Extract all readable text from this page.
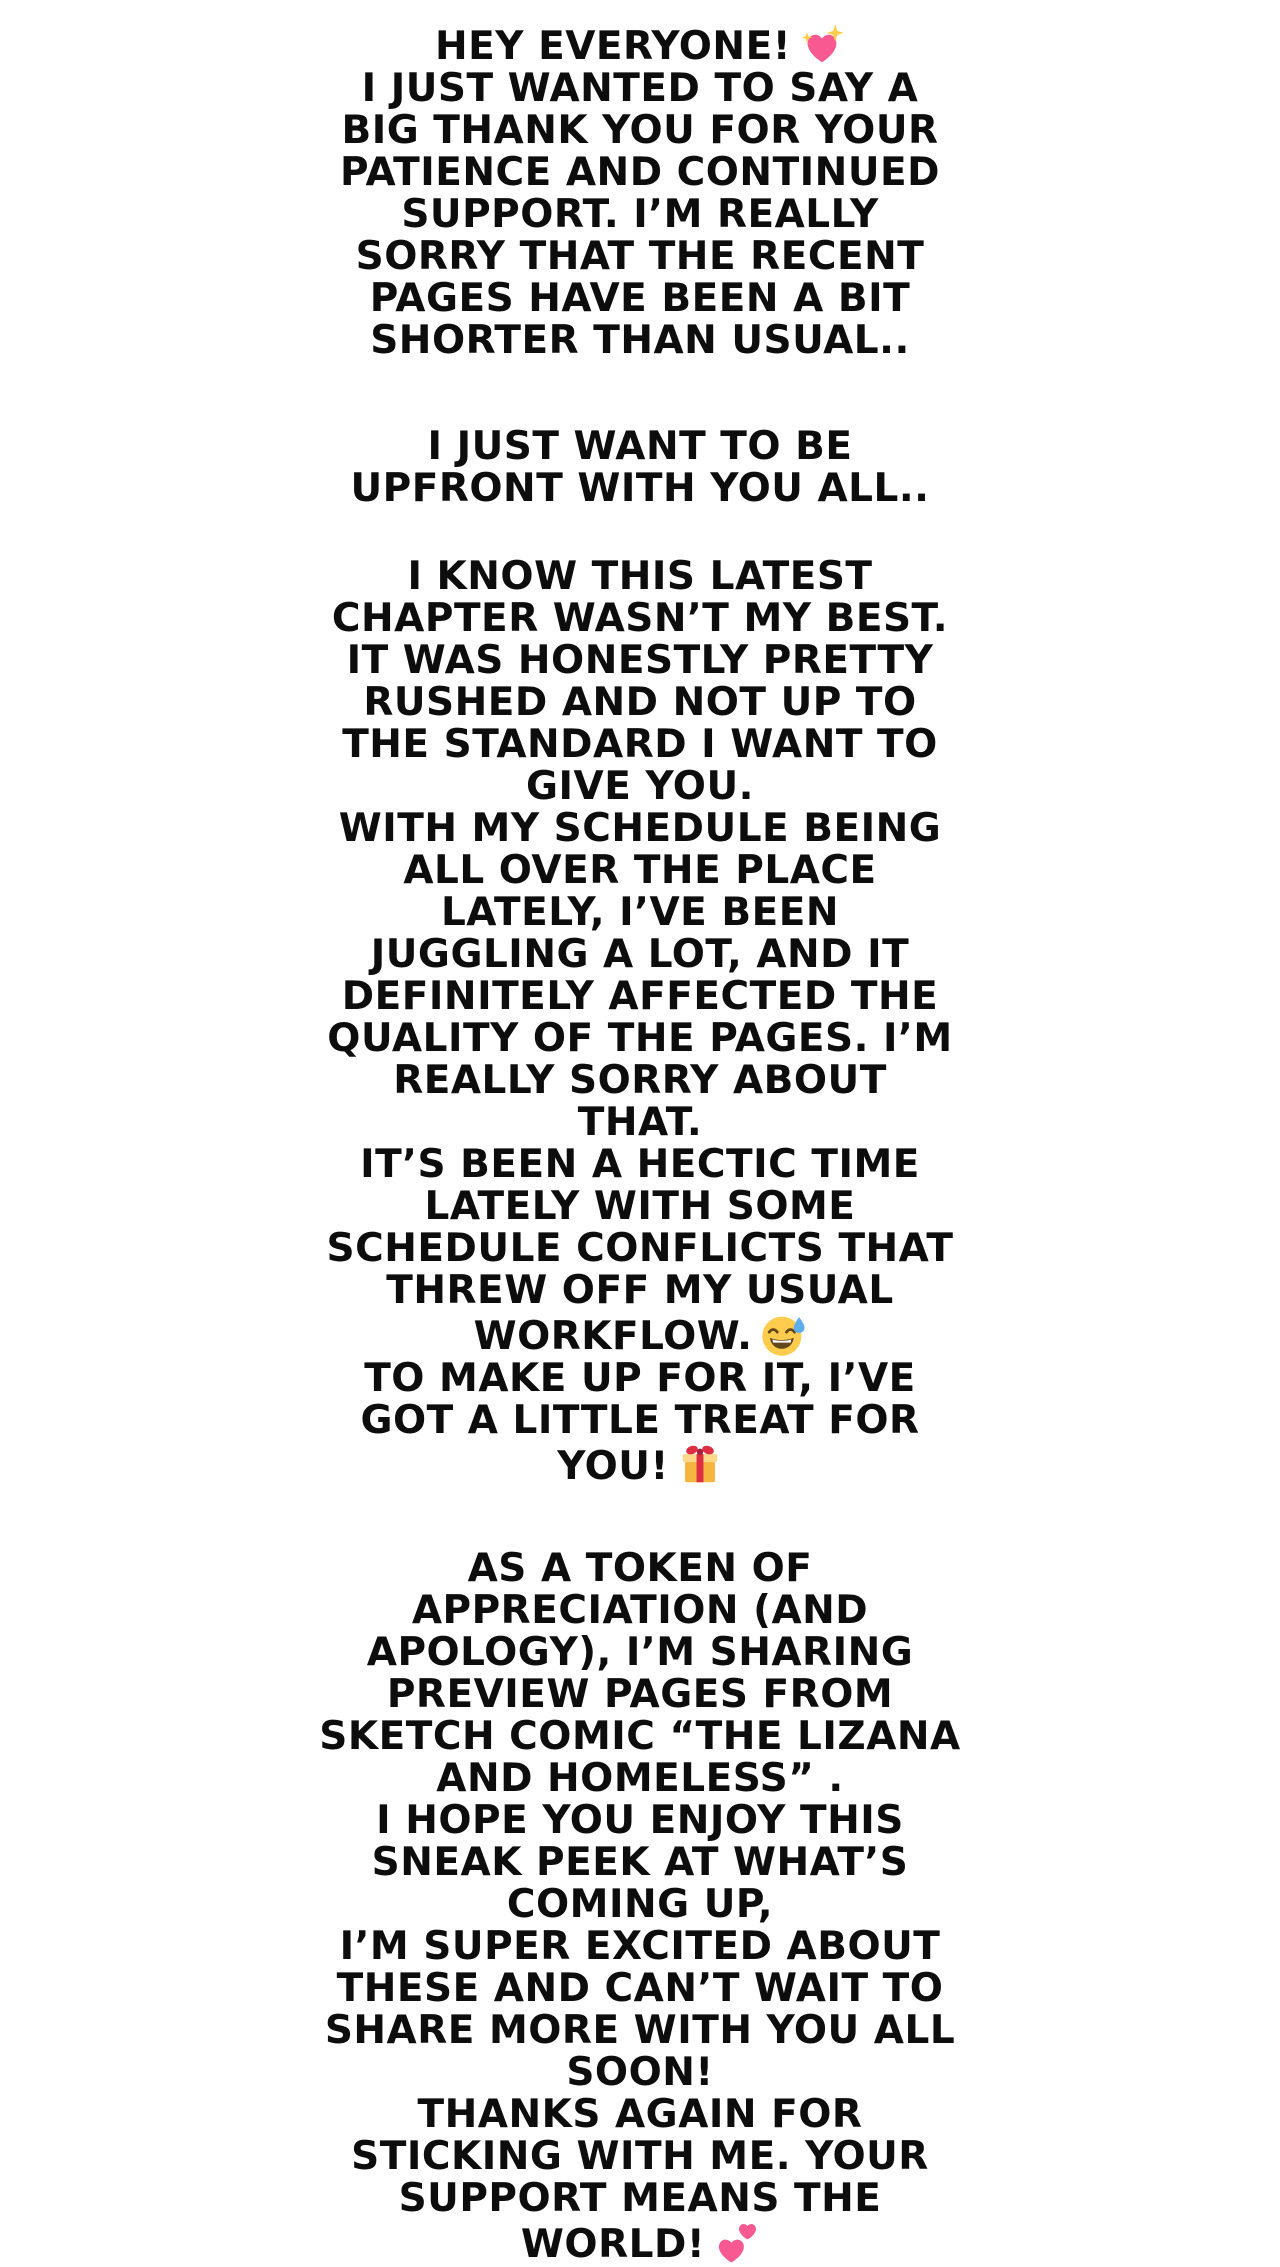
HEY EVERYONE!
I JUST WANTED TO SAY A
BIG THANK YOU FOR YOUR
PATIENCE AND CONTINUED
SUPPORT. I’M REALLY
SORRY THAT THE RECENT
PAGES HAVE BEEN A BIT
SHORTER THAN USUAL..
I JUST WANT TO BE
UPFRONT WITH YOU ALL..
I KNOW THIS LATEST
CHAPTER WASN’T MY BEST.
IT WAS HONESTLY PRETTY
RUSHED AND NOT UP TO
THE STANDARD I WANT TO
GIVE YOU.
WITH MY SCHEDULE BEING
ALL OVER THE PLACE
LATELY, I’VE BEEN
JUGGLING A LOT, AND IT
DEFINITELY AFFECTED THE
QUALITY OF THE PAGES. I’M
REALLY SORRY ABOUT
THAT.
IT’S BEEN A HECTIC TIME
LATELY WITH SOME
SCHEDULE CONFLICTS THAT
THREW OFF MY USUAL
WORKFLOW.
TO MAKE UP FOR IT, I’VE
GOT A LITTLE TREAT FOR
YOU!
AS A TOKEN OF
APPRECIATION (AND
APOLOGY), I’M SHARING
PREVIEW PAGES FROM
SKETCH COMIC “THE LIZANA
AND HOMELESS” .
I HOPE YOU ENJOY THIS
SNEAK PEEK AT WHAT’S
COMING UP,
I’M SUPER EXCITED ABOUT
THESE AND CAN’T WAIT TO
SHARE MORE WITH YOU ALL
SOON!
THANKS AGAIN FOR
STICKING WITH ME. YOUR
SUPPORT MEANS THE
WORLD!
